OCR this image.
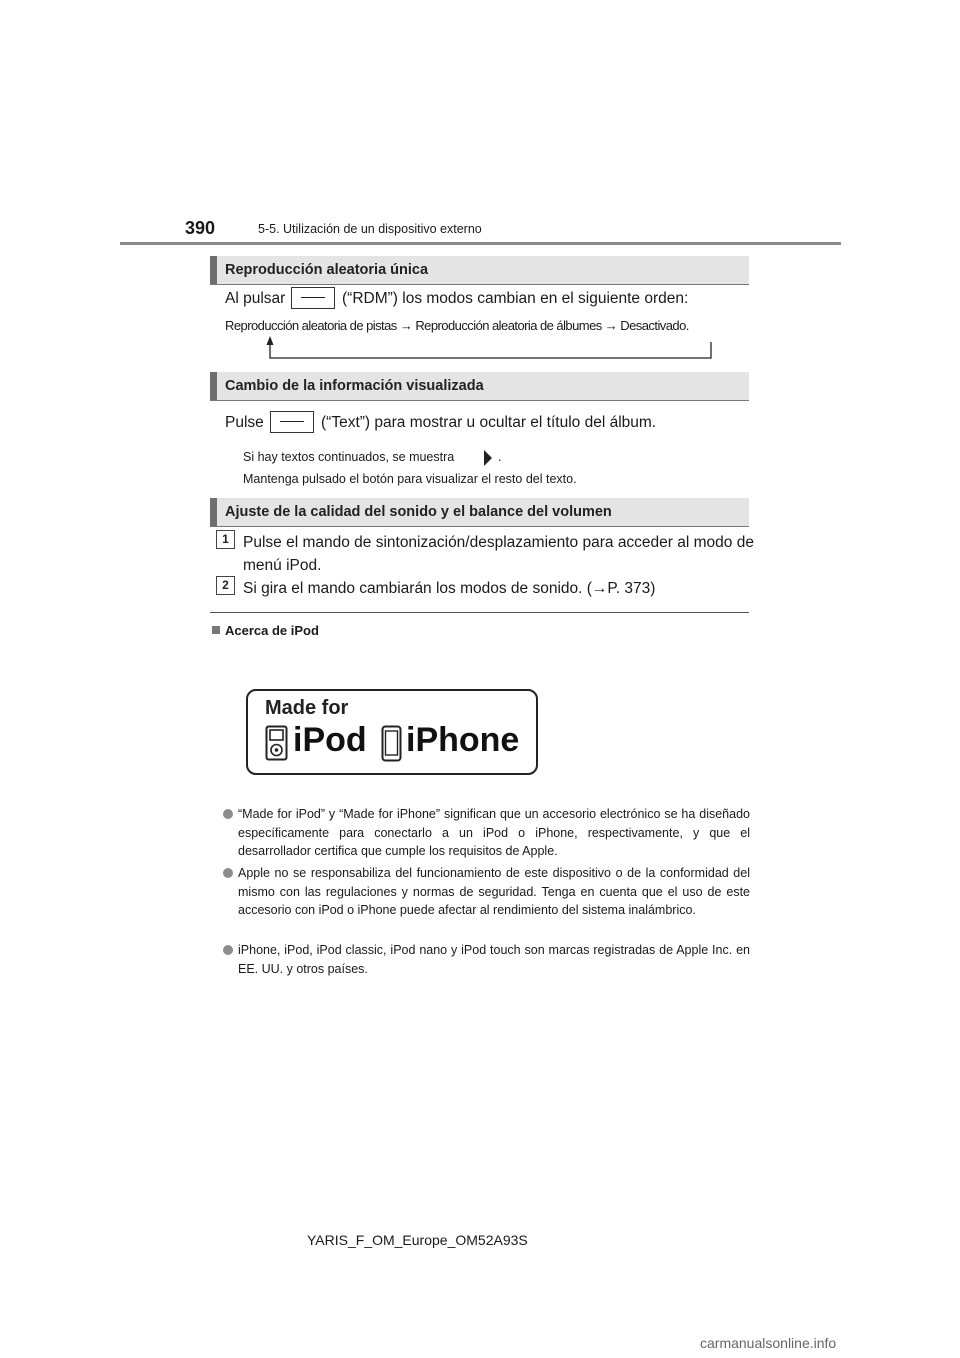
390	5-5. Utilización de un dispositivo externo
Reproducción aleatoria única
Al pulsar	(“RDM”) los modos cambian en el siguiente orden:
Reproducción aleatoria de pistas → Reproducción aleatoria de álbumes → Desactivado.
Cambio de la información visualizada
Pulse	(“Text”) para mostrar u ocultar el título del álbum.
Si hay textos continuados, se muestra	.
Mantenga pulsado el botón para visualizar el resto del texto.
Ajuste de la calidad del sonido y el balance del volumen
1 Pulse el mando de sintonización/desplazamiento para acceder al modo de
menú iPod.
2 Si gira el mando cambiarán los modos de sonido. (→P. 373)
Acerca de iPod
Made for
iPod iPhone
“Made for iPod” y “Made for iPhone” significan que un accesorio electrónico se ha diseñado específicamente para conectarlo a un iPod o iPhone, respectivamente, y que el desarrollador certifica que cumple los requisitos de Apple.
Apple no se responsabiliza del funcionamiento de este dispositivo o de la conformidad del mismo con las regulaciones y normas de seguridad. Tenga en cuenta que el uso de este accesorio con iPod o iPhone puede afectar al rendimiento del sistema inalámbrico.
iPhone, iPod, iPod classic, iPod nano y iPod touch son marcas registradas de Apple Inc. en EE. UU. y otros países.
YARIS_F_OM_Europe_OM52A93S
carmanualsonline.info
